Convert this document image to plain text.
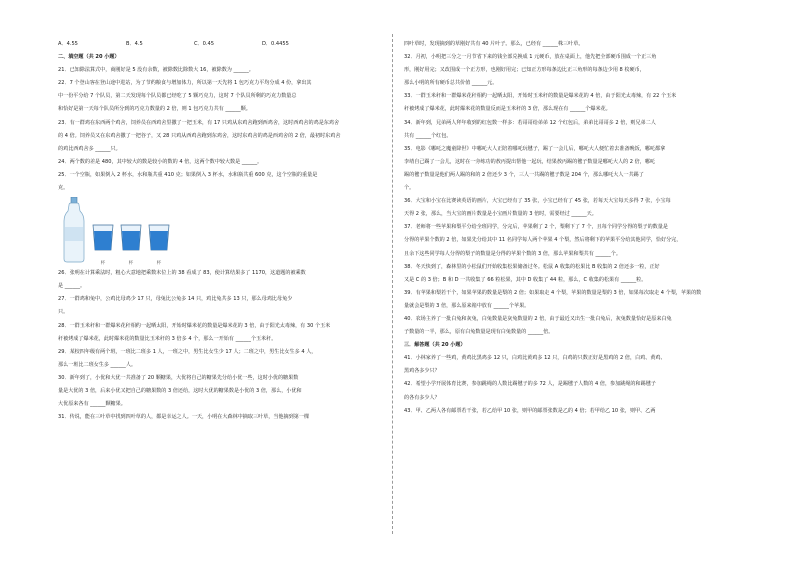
A．4.55	B．4.5	C．0.45	D．0.4455

二、填空题（共 20 小题）

21．已知除法算式中，商刚好是 5 没有余数，被除数比除数大 16，被除数为 ______。

22．7 个登山客在登山途中进站，为了节约粮食与增加体力，所以第一天先将 1 包巧克力平均分成 4 份，拿出其

中一份平分给 7 个队员，第二天发现每个队员都已经吃了 5 颗巧克力，这时 7 个队员所剩的巧克力数量总

和恰好是第一天每个队员所分到的巧克力数量的 2 倍，则 1 包巧克力共有 ______颗。

23．有一群鸡在东西两个鸡舍，饲养员在西鸡舍里撒了一把玉米，有 17 只鸡从东鸡舍跑到西鸡舍，这时西鸡舍的鸡是东鸡舍

的 4 倍。饲养员又在东鸡舍撒了一把谷子，又 28 只鸡从西鸡舍跑到东鸡舍，这时东鸡舍的鸡是西鸡舍的 2 倍，最初时东鸡舍

的鸡比西鸡舍多 ______只。

24．两个数的差是 480，其中较大的数是较小的数的 4 倍，这两个数中较大数是 ______。

25．一个空瓶，如果倒入 2 杯水，水和瓶共重 410 克；如果倒入 3 杯水，水和瓶共重 600 克，这个空瓶的重量是

克。

杯	杯	杯

26．张明在计算乘法时，粗心大意地把乘数末位上的 38 看成了 83，使计算结果多了 1170，这道题的被乘数

是 ______。

27．一群鸡和兔中，公鸡比母鸡少 17 只，母兔比公兔多 14 只，鸡比兔共多 13 只，那么母鸡比母兔少

只。

28．一群玉米秆和一群爆米花秆相约一起晒太阳，开始时爆米花的数量是爆米花的 3 倍，由于阳光太毒辣，有 30 个玉米

秆被烤成了爆米花，此时爆米花的数量比玉米秆的 3 倍多 4 个，那么一开始有 ______个玉米秆。

29．某校四年级有两个班，一班比二班多 1 人，一班之中，男生比女生少 17 人；二班之中，男生比女生多 4 人，

那么一班比二班女生多 ______人。

30．新年到了，小优和大优一共准备了 20 颗糖果，大优将自己的糖果先分给小优一些，这时小优的糖果数

量是大优的 3 倍，后来小优又把自己的糖果数的 3 倍还给，这时大优的糖果数是小优的 3 倍，那么，小优和

大优原来各有 ______颗糖果。

31．传说，能在三叶草中找到四叶草的人，都是幸运之人。一天，小明在大森林中摘取三叶草，当他摘到第一棵

四叶草时，发现摘到的草刚好共有 40 片叶子。那么，已经有 ______株三叶草。

32．月初，小明把三分之一月节省下来的钱全部兑换成 1 元硬币，放在桌面上，他先把全部硬币围成一个正三角

形，刚好用完；又改围成一个正方形，也刚好用完；已知正方形每条边比正三角形的每条边少用 8 枚硬币，

那么小明的所有硬币总共价值 ______元。

33．一群玉米秆和一群爆米花秆相约一起晒太阳，开始时玉米秆的数量是爆米花的 4 倍，由于阳光太毒辣，有 22 个玉米

秆被烤成了爆米花，此时爆米花的数量反而是玉米秆的 3 倍，那么现在有 ______个爆米花。

34．新年到，兄弟两人拜年收到的红包数一样多：若哥哥给弟弟 12 个红包后，弟弟比哥哥多 2 倍，则兄弟二人

共有 ______个红包。

35．电影《哪吒之魔童降世》中哪吒大人正陪着哪吒玩毽子，踢了一会儿后，哪吒大人便忙着去准备晚饭，哪吒都拿

李靖自己踢了一会儿，这时在一旁练功的敖丙提出帮他一起玩，结果敖丙踢的毽子数量是哪吒大人的 2 倍，哪吒

踢的毽子数量是他们两人踢的和的 2 倍还少 3 个，三人一共踢的毽子数是 204 个，那么哪吒大人一共踢了

个。

36．大宝和小宝在比赛读英语的画片，大宝已经有了 35 张，小宝已经有了 45 张，若每天大宝每天多得 7 张，小宝每

天得 2 张，那么，当大宝的画片数量是小宝画片数量的 3 倍时，需要经过 ______天。

37．老师将一些苹果和梨平分给全班同学，分完后，苹果剩了 2 个，梨剩下了 7 个，且每个同学分得的梨子的数量是

分得的苹果个数的 2 倍，如果先分给其中 11 名同学每人两个苹果 4 个梨，然后将剩下的苹果平分给其他同学，恰好分完，

且余下这些同学每人分得的梨子的数量是分得的苹果个数的 3 倍，那么苹果和梨共有 ______个。

38．冬天快到了，森林里的小松鼠们开始收集松果储备过冬。松鼠 A 收集的松果比 B 收集的 2 倍还多一粒，正好

又是 C 的 3 倍；B 和 D 一共收集了 66 粒松果，其中 D 收集了 44 粒，那么，C 收集的松果有 ______粒。

39．有苹果和梨若干个，如果苹果的数量是梨的 2 倍；如果取走 4 个梨，苹果的数量是梨的 3 倍，如果每次取走 4 个梨，苹果的数

量就会是梨的 3 倍，那么原来箱中放有 ______个苹果。

40．农场主养了一批白兔和灰兔，白兔数量是灰兔数量的 2 倍，由于最近又出生一批白兔后，灰兔数量恰好是原来白兔

子数量的一半，那么，原有白兔数量是现有白兔数量的 ______倍。

三．解答题（共 20 小题）

41．小林家养了一些鸡，黄鸡比黑鸡多 12 只，白鸡比黄鸡多 12 只，白鸡的只数正好是黑鸡的 2 倍，白鸡、黄鸡、

黑鸡各多少只？

42．希望小学开展体育比赛，参加跳绳的人数比踢毽子的多 72 人，是踢毽子人数的 4 倍，参加跳绳的和踢毽子

的各有多少人？

43．甲、乙两人各有邮票若干张，若乙给甲 10 张，则甲的邮票张数是乙的 4 倍；若甲给乙 10 张，则甲、乙两
